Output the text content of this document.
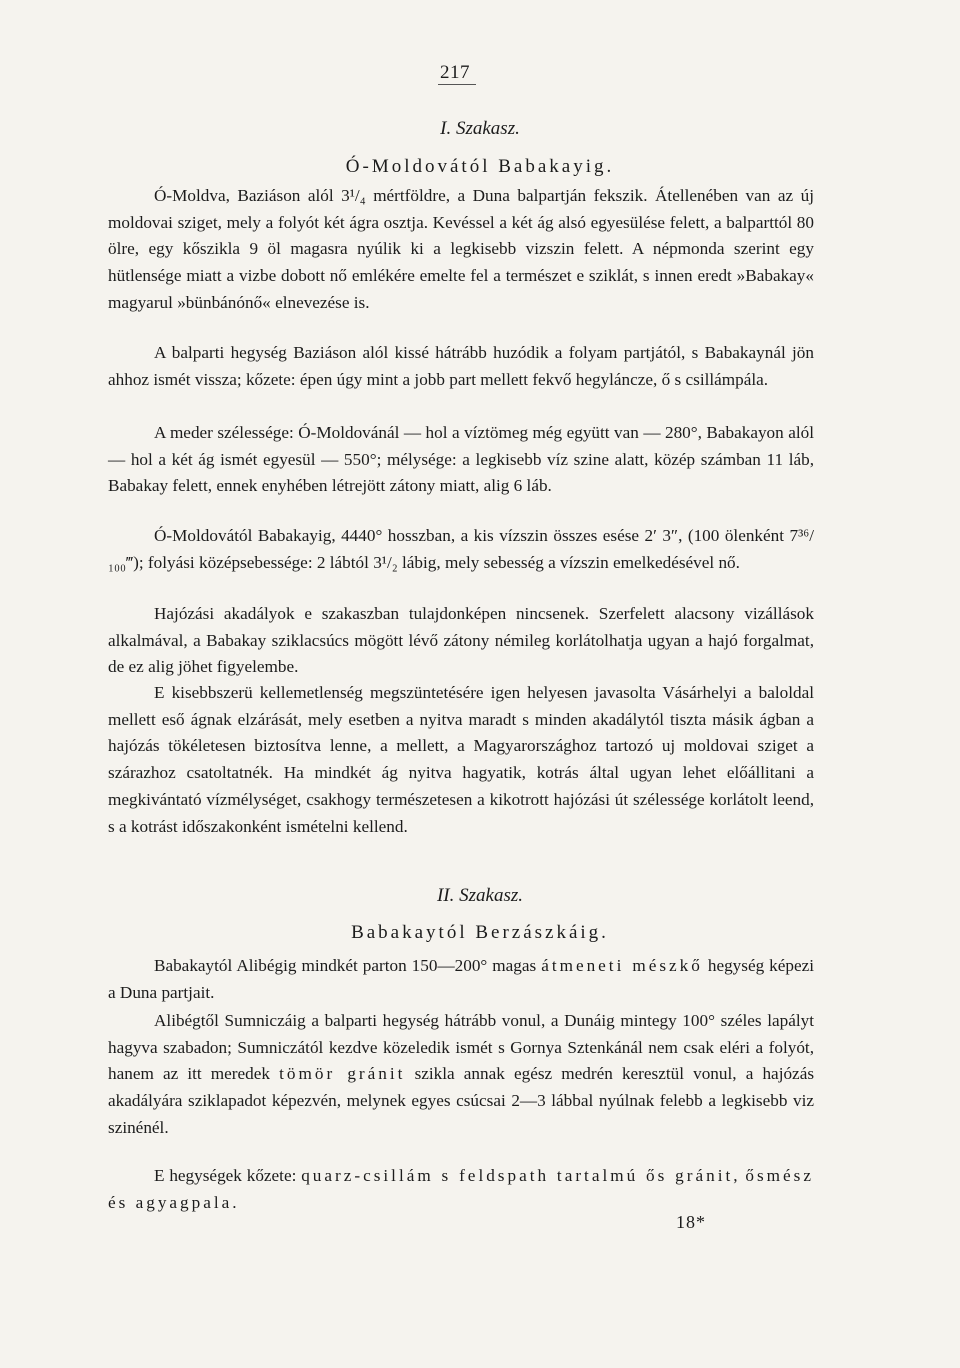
217
I. Szakasz.
Ó-Moldovától Babakayig.

Ó-Moldva, Baziáson alól 3¹/₄ mértföldre, a Duna balpartján fekszik. Átellenében van az új moldovai sziget, mely a folyót két ágra osztja. Kevéssel a két ág alsó egyesülése felett, a balparttól 80 ölre, egy kőszikla 9 öl magasra nyúlik ki a legkisebb vizszin felett. A népmonda szerint egy hütlensége miatt a vizbe dobott nő emlékére emelte fel a természet e sziklát, s innen eredt »Babakay« magyarul »bünbánónő« elnevezése is.

A balparti hegység Baziáson alól kissé hátrább huzódik a folyam partjától, s Babakaynál jön ahhoz ismét vissza; kőzete: épen úgy mint a jobb part mellett fekvő hegyláncze, ő s csillámpála.

A meder szélessége: Ó-Moldovánál — hol a víztömeg még együtt van — 280°, Babakayon alól — hol a két ág ismét egyesül — 550°; mélysége: a legkisebb víz szine alatt, közép számban 11 láb, Babakay felett, ennek enyhében létrejött zátony miatt, alig 6 láb.

Ó-Moldovától Babakayig, 4440° hosszban, a kis vízszin összes esése 2′ 3″, (100 ölenként 7³⁶/₁₀₀‴); folyási középsebessége: 2 lábtól 3¹/₂ lábig, mely sebesség a vízszin emelkedésével nő.

Hajózási akadályok e szakaszban tulajdonképen nincsenek. Szerfelett alacsony vizállások alkalmával, a Babakay sziklacsúcs mögött lévő zátony némileg korlátolhatja ugyan a hajó forgalmat, de ez alig jöhet figyelembe.

E kisebbszerü kellemetlenség megszüntetésére igen helyesen javasolta Vásárhelyi a baloldal mellett eső ágnak elzárását, mely esetben a nyitva maradt s minden akadálytól tiszta másik ágban a hajózás tökéletesen biztosítva lenne, a mellett, a Magyarországhoz tartozó uj moldovai sziget a szárazhoz csatoltatnék. Ha mindkét ág nyitva hagyatik, kotrás által ugyan lehet előállitani a megkivántató vízmélységet, csakhogy természetesen a kikotrott hajózási út szélessége korlátolt leend, s a kotrást időszakonként ismételni kellend.

II. Szakasz.
Babakaytól Berzászkáig.

Babakaytól Alibégig mindkét parton 150—200° magas átmeneti mészkő hegység képezi a Duna partjait.

Alibégtől Sumniczáig a balparti hegység hátrább vonul, a Dunáig mintegy 100° széles lapályt hagyva szabadon; Sumniczától kezdve közeledik ismét s Gornya Sztenkánál nem csak eléri a folyót, hanem az itt meredek tömör gránit szikla annak egész medrén keresztül vonul, a hajózás akadályára sziklapadot képezvén, melynek egyes csúcsai 2—3 lábbal nyúlnak felebb a legkisebb viz szinénél.

E hegységek kőzete: quarz-csillám s feldspath tartalmú ős gránit, ősmész és agyagpala.

18*
